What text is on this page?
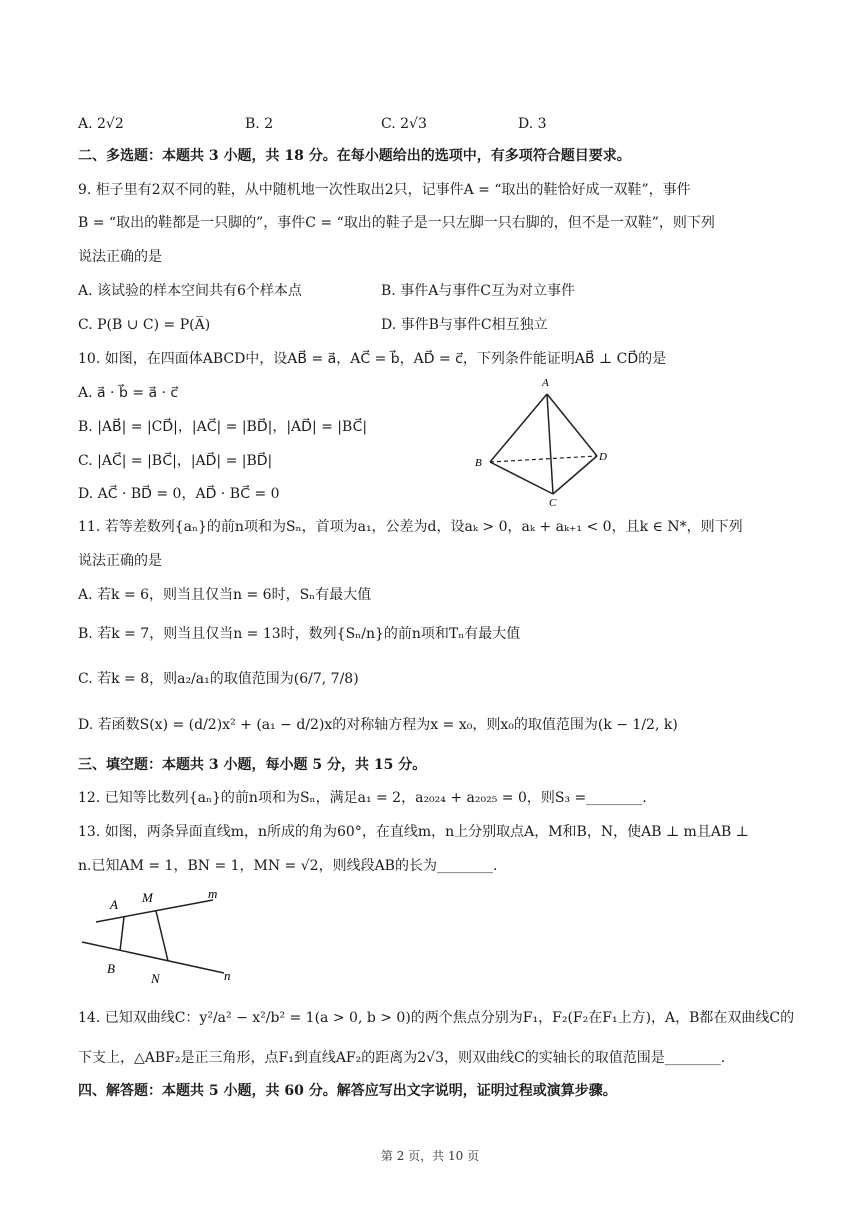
A. 2√2	B. 2	C. 2√3	D. 3
二、多选题：本题共 3 小题，共 18 分。在每小题给出的选项中，有多项符合题目要求。
9. 柜子里有2双不同的鞋，从中随机地一次性取出2只，记事件A = “取出的鞋恰好成一双鞋”，事件
B = “取出的鞋都是一只脚的”，事件C = “取出的鞋子是一只左脚一只右脚的，但不是一双鞋”，则下列
说法正确的是
A. 该试验的样本空间共有6个样本点	B. 事件A与事件C互为对立事件
C. P(B ∪ C) = P(A̅)	D. 事件B与事件C相互独立
10. 如图，在四面体ABCD中，设AB⃗ = a⃗，AC⃗ = b⃗，AD⃗ = c⃗，下列条件能证明AB⃗ ⊥ CD⃗的是
A. a⃗ · b⃗ = a⃗ · c⃗
B. |AB⃗| = |CD⃗|，|AC⃗| = |BD⃗|，|AD⃗| = |BC⃗|
C. |AC⃗| = |BC⃗|，|AD⃗| = |BD⃗|
D. AC⃗ · BD⃗ = 0，AD⃗ · BC⃗ = 0
A
B
C
D
11. 若等差数列{aₙ}的前n项和为Sₙ，首项为a₁，公差为d，设aₖ > 0，aₖ + aₖ₊₁ < 0，且k ∈ N*，则下列
说法正确的是
A. 若k = 6，则当且仅当n = 6时，Sₙ有最大值
B. 若k = 7，则当且仅当n = 13时，数列{Sₙ/n}的前n项和Tₙ有最大值
C. 若k = 8，则a₂/a₁的取值范围为(6/7, 7/8)
D. 若函数S(x) = (d/2)x² + (a₁ − d/2)x的对称轴方程为x = x₀，则x₀的取值范围为(k − 1/2, k)
三、填空题：本题共 3 小题，每小题 5 分，共 15 分。
12. 已知等比数列{aₙ}的前n项和为Sₙ，满足a₁ = 2，a₂₀₂₄ + a₂₀₂₅ = 0，则S₃ =________.
13. 如图，两条异面直线m，n所成的角为60°，在直线m，n上分别取点A，M和B，N，使AB ⊥ m且AB ⊥
n.已知AM = 1，BN = 1，MN = √2，则线段AB的长为________.
A M	m
B
N	n
14. 已知双曲线C：y²/a² − x²/b² = 1(a > 0, b > 0)的两个焦点分别为F₁，F₂(F₂在F₁上方)，A，B都在双曲线C的
下支上，△ABF₂是正三角形，点F₁到直线AF₂的距离为2√3，则双曲线C的实轴长的取值范围是________.
四、解答题：本题共 5 小题，共 60 分。解答应写出文字说明，证明过程或演算步骤。
第 2 页，共 10 页
